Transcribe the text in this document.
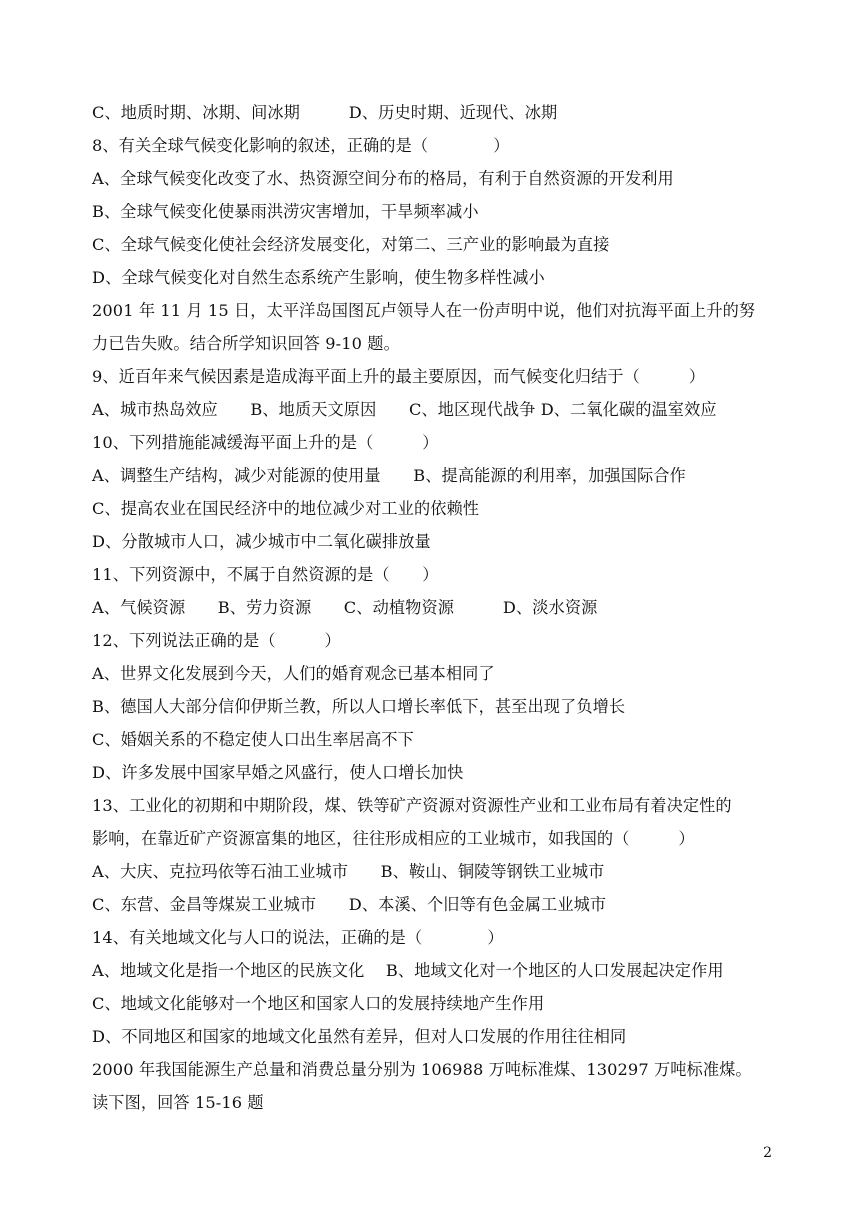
C、地质时期、冰期、间冰期　　　D、历史时期、近现代、冰期
8、有关全球气候变化影响的叙述，正确的是（　　　　）
A、全球气候变化改变了水、热资源空间分布的格局，有利于自然资源的开发利用
B、全球气候变化使暴雨洪涝灾害增加，干旱频率减小
C、全球气候变化使社会经济发展变化，对第二、三产业的影响最为直接
D、全球气候变化对自然生态系统产生影响，使生物多样性减小
2001 年 11 月 15 日，太平洋岛国图瓦卢领导人在一份声明中说，他们对抗海平面上升的努
力已告失败。结合所学知识回答 9-10 题。
9、近百年来气候因素是造成海平面上升的最主要原因，而气候变化归结于（　　　）
A、城市热岛效应　　B、地质天文原因　　C、地区现代战争 D、二氧化碳的温室效应
10、下列措施能减缓海平面上升的是（　　　）
A、调整生产结构，减少对能源的使用量　　B、提高能源的利用率，加强国际合作
C、提高农业在国民经济中的地位减少对工业的依赖性
D、分散城市人口，减少城市中二氧化碳排放量
11、下列资源中，不属于自然资源的是（　　）
A、气候资源　　B、劳力资源　　C、动植物资源　　　D、淡水资源
12、下列说法正确的是（　　　）
A、世界文化发展到今天，人们的婚育观念已基本相同了
B、德国人大部分信仰伊斯兰教，所以人口增长率低下，甚至出现了负增长
C、婚姻关系的不稳定使人口出生率居高不下
D、许多发展中国家早婚之风盛行，使人口增长加快
13、工业化的初期和中期阶段，煤、铁等矿产资源对资源性产业和工业布局有着决定性的
影响，在靠近矿产资源富集的地区，往往形成相应的工业城市，如我国的（　　　）
A、大庆、克拉玛依等石油工业城市　　B、鞍山、铜陵等钢铁工业城市
C、东营、金昌等煤炭工业城市　　D、本溪、个旧等有色金属工业城市
14、有关地域文化与人口的说法，正确的是（　　　　）
A、地域文化是指一个地区的民族文化　 B、地域文化对一个地区的人口发展起决定作用
C、地域文化能够对一个地区和国家人口的发展持续地产生作用
D、不同地区和国家的地域文化虽然有差异，但对人口发展的作用往往相同
2000 年我国能源生产总量和消费总量分别为 106988 万吨标准煤、130297 万吨标准煤。
读下图，回答 15-16 题
2
